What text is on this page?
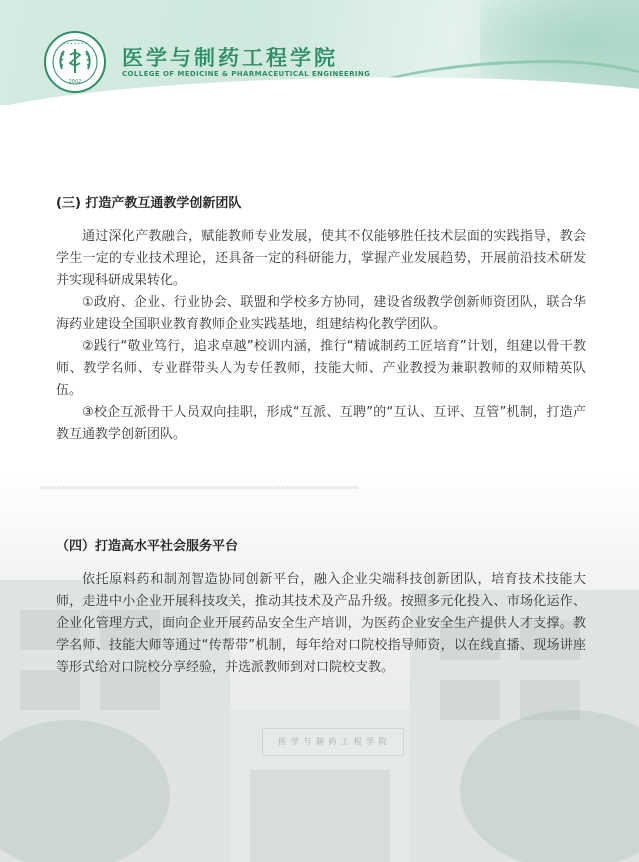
• • • • • • •
2002
医学与制药工程学院
COLLEGE OF MEDICINE & PHARMACEUTICAL ENGINEERING
医 学 与 制 药 工 程 学 院
››››››››››››››››››››››››››››››››››››››››››››››››››››››››››››››››››››››››››››››››››››››››››››››››››››››››››››››››››››››
(三) 打造产教互通教学创新团队

通过深化产教融合，赋能教师专业发展，使其不仅能够胜任技术层面的实践指导，教会学生一定的专业技术理论，还具备一定的科研能力，掌握产业发展趋势，开展前沿技术研发并实现科研成果转化。

①政府、企业、行业协会、联盟和学校多方协同，建设省级教学创新师资团队，联合华海药业建设全国职业教育教师企业实践基地，组建结构化教学团队。

②践行“敬业笃行，追求卓越”校训内涵，推行“精诚制药工匠培育”计划，组建以骨干教师、教学名师、专业群带头人为专任教师，技能大师、产业教授为兼职教师的双师精英队伍。

③校企互派骨干人员双向挂职，形成“互派、互聘”的“互认、互评、互管”机制，打造产教互通教学创新团队。

（四）打造高水平社会服务平台

依托原料药和制剂智造协同创新平台，融入企业尖端科技创新团队，培育技术技能大师，走进中小企业开展科技攻关，推动其技术及产品升级。按照多元化投入、市场化运作、企业化管理方式，面向企业开展药品安全生产培训，为医药企业安全生产提供人才支撑。教学名师、技能大师等通过“传帮带”机制，每年给对口院校指导师资，以在线直播、现场讲座等形式给对口院校分享经验，并选派教师到对口院校支教。
